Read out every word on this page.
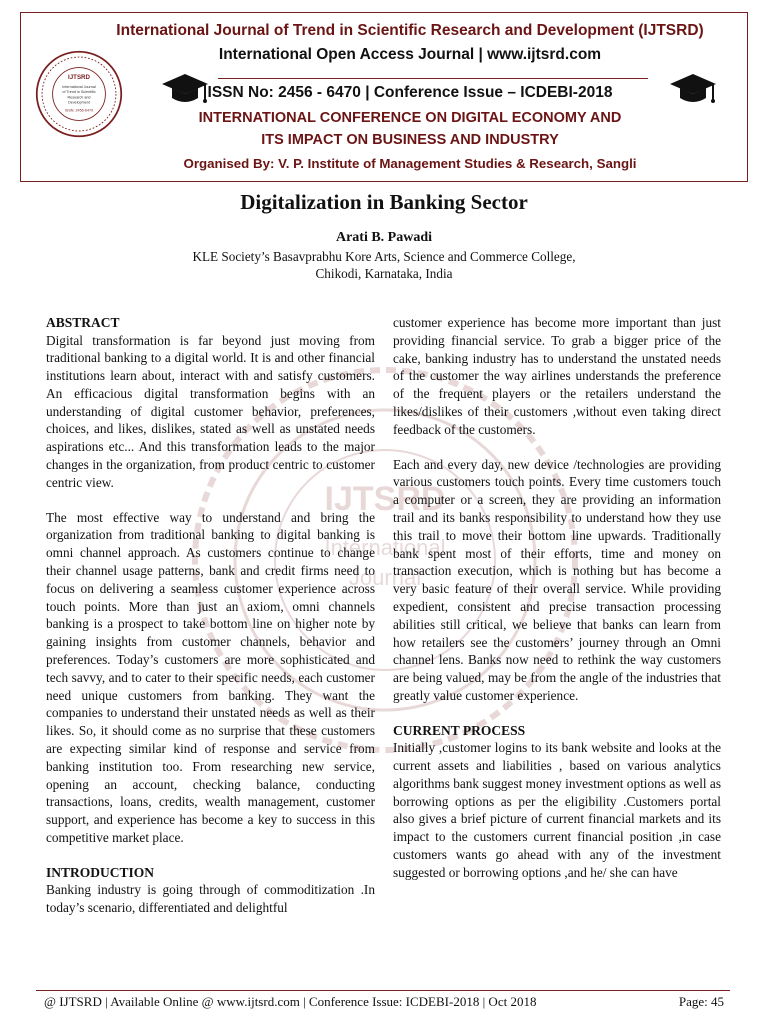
IJTSRD
International Journal
of Trend in Scientific
Research and
Development
ISSN: 2456-6470
International Journal of Trend in Scientific Research and Development (IJTSRD)
International Open Access Journal | www.ijtsrd.com
ISSN No: 2456 - 6470 | Conference Issue – ICDEBI-2018
INTERNATIONAL CONFERENCE ON DIGITAL ECONOMY AND
ITS IMPACT ON BUSINESS AND INDUSTRY
Organised By: V. P. Institute of Management Studies & Research, Sangli
Digitalization in Banking Sector
Arati B. Pawadi
KLE Society’s Basavprabhu Kore Arts, Science and Commerce College,
Chikodi, Karnataka, India
IJTSRD
International
Journal
ABSTRACT

Digital transformation is far beyond just moving from traditional banking to a digital world. It is and other financial institutions learn about, interact with and satisfy customers. An efficacious digital transformation begins with an understanding of digital customer behavior, preferences, choices, and likes, dislikes, stated as well as unstated needs aspirations etc... And this transformation leads to the major changes in the organization, from product centric to customer centric view.

The most effective way to understand and bring the organization from traditional banking to digital banking is omni channel approach. As customers continue to change their channel usage patterns, bank and credit firms need to focus on delivering a seamless customer experience across touch points. More than just an axiom, omni channels banking is a prospect to take bottom line on higher note by gaining insights from customer channels, behavior and preferences. Today’s customers are more sophisticated and tech savvy, and to cater to their specific needs, each customer need unique customers from banking. They want the companies to understand their unstated needs as well as their likes. So, it should come as no surprise that these customers are expecting similar kind of response and service from banking institution too. From researching new service, opening an account, checking balance, conducting transactions, loans, credits, wealth management, customer support, and experience has become a key to success in this competitive market place.

INTRODUCTION

Banking industry is going through of commoditization .In today’s scenario, differentiated and delightful

customer experience has become more important than just providing financial service. To grab a bigger price of the cake, banking industry has to understand the unstated needs of the customer the way airlines understands the preference of the frequent players or the retailers understand the likes/dislikes of their customers ,without even taking direct feedback of the customers.

Each and every day, new device /technologies are providing various customers touch points. Every time customers touch a computer or a screen, they are providing an information trail and its banks responsibility to understand how they use this trail to move their bottom line upwards. Traditionally bank spent most of their efforts, time and money on transaction execution, which is nothing but has become a very basic feature of their overall service. While providing expedient, consistent and precise transaction processing abilities still critical, we believe that banks can learn from how retailers see the customers’ journey through an Omni channel lens. Banks now need to rethink the way customers are being valued, may be from the angle of the industries that greatly value customer experience.

CURRENT PROCESS

Initially ,customer logins to its bank website and looks at the current assets and liabilities , based on various analytics algorithms bank suggest money investment options as well as borrowing options as per the eligibility .Customers portal also gives a brief picture of current financial markets and its impact to the customers current financial position ,in case customers wants go ahead with any of the investment suggested or borrowing options ,and he/ she can have

@ IJTSRD | Available Online @ www.ijtsrd.com | Conference Issue: ICDEBI-2018 | Oct 2018	Page: 45
